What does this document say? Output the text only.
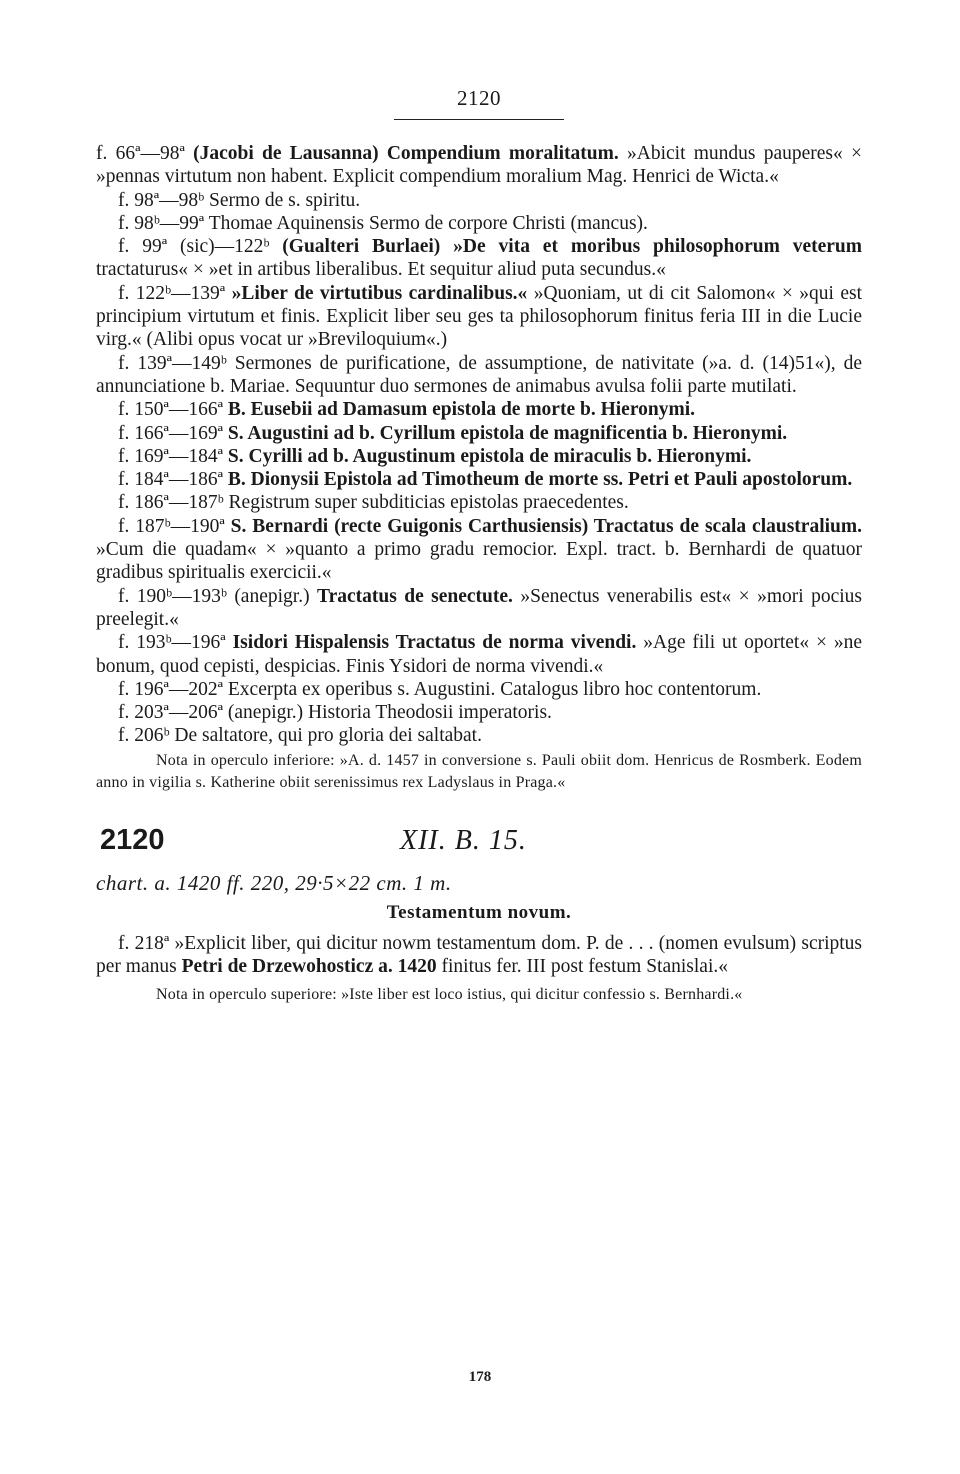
2120

f. 66ª—98ª (Jacobi de Lausanna) Compendium moralitatum. »Abicit mundus pauperes« × »pennas virtutum non habent. Explicit compendium moralium Mag. Henrici de Wicta.«

f. 98ª—98ᵇ Sermo de s. spiritu.

f. 98ᵇ—99ª Thomae Aquinensis Sermo de corpore Christi (mancus).

f. 99ª (sic)—122ᵇ (Gualteri Burlaei) »De vita et moribus philosophorum veterum tractaturus« × »et in artibus liberalibus. Et sequitur aliud puta secundus.«

f. 122ᵇ—139ª »Liber de virtutibus cardinalibus.« »Quoniam, ut di cit Salomon« × »qui est principium virtutum et finis. Explicit liber seu ges ta philosophorum finitus feria III in die Lucie virg.« (Alibi opus vocat ur »Breviloquium«.)

f. 139ª—149ᵇ Sermones de purificatione, de assumptione, de nativitate (»a. d. (14)51«), de annunciatione b. Mariae. Sequuntur duo sermones de animabus avulsa folii parte mutilati.

f. 150ª—166ª B. Eusebii ad Damasum epistola de morte b. Hieronymi.

f. 166ª—169ª S. Augustini ad b. Cyrillum epistola de magnificentia b. Hieronymi.

f. 169ª—184ª S. Cyrilli ad b. Augustinum epistola de miraculis b. Hieronymi.

f. 184ª—186ª B. Dionysii Epistola ad Timotheum de morte ss. Petri et Pauli apostolorum.

f. 186ª—187ᵇ Registrum super subditicias epistolas praecedentes.

f. 187ᵇ—190ª S. Bernardi (recte Guigonis Carthusiensis) Tractatus de scala claustralium. »Cum die quadam« × »quanto a primo gradu remocior. Expl. tract. b. Bernhardi de quatuor gradibus spiritualis exercicii.«

f. 190ᵇ—193ᵇ (anepigr.) Tractatus de senectute. »Senectus venerabilis est« × »mori pocius preelegit.«

f. 193ᵇ—196ª Isidori Hispalensis Tractatus de norma vivendi. »Age fili ut oportet« × »ne bonum, quod cepisti, despicias. Finis Ysidori de norma vivendi.«

f. 196ª—202ª Excerpta ex operibus s. Augustini. Catalogus libro hoc contentorum.

f. 203ª—206ª (anepigr.) Historia Theodosii imperatoris.

f. 206ᵇ De saltatore, qui pro gloria dei saltabat.

Nota in operculo inferiore: »A. d. 1457 in conversione s. Pauli obiit dom. Henricus de Rosmberk. Eodem anno in vigilia s. Katherine obiit serenissimus rex Ladyslaus in Praga.«

2120	XII. B. 15.
chart. a. 1420 ff. 220, 29·5×22 cm. 1 m.
Testamentum novum.

f. 218ª »Explicit liber, qui dicitur nowm testamentum dom. P. de . . . (nomen evulsum) scriptus per manus Petri de Drzewohosticz a. 1420 finitus fer. III post festum Stanislai.«

Nota in operculo superiore: »Iste liber est loco istius, qui dicitur confessio s. Bernhardi.«

178
